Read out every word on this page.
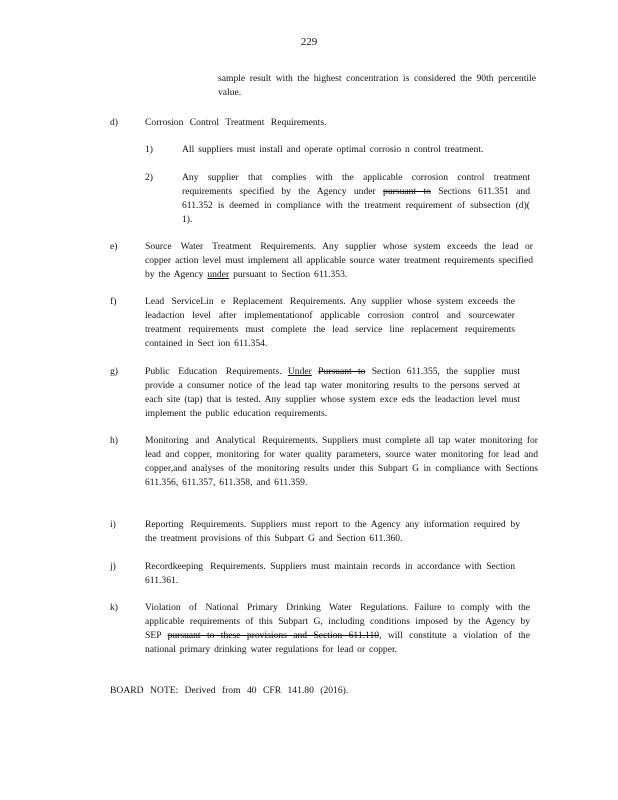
229
sample result with the highest concentration is considered the 90th percentile value.
d)	Corrosion Control Treatment Requirements.
1)	All suppliers must install and operate optimal corrosio n control treatment.
2)	Any supplier that complies with the applicable corrosion control treatment requirements specified by the Agency under pursuant to Sections 611.351 and 611.352 is deemed in compliance with the treatment requirement of subsection (d)( 1).
e)	Source Water Treatment Requirements. Any supplier whose system exceeds the lead or copper action level must implement all applicable source water treatment requirements specified by the Agency under pursuant to Section 611.353.
f)	Lead ServiceLin e Replacement Requirements. Any supplier whose system exceeds the leadaction level after implementationof applicable corrosion control and sourcewater treatment requirements must complete the lead service line replacement requirements contained in Sect ion 611.354.
g)	Public Education Requirements. Under Pursuant to Section 611.355, the supplier must provide a consumer notice of the lead tap water monitoring results to the persons served at each site (tap) that is tested. Any supplier whose system exce eds the leadaction level must implement the public education requirements.
h)	Monitoring and Analytical Requirements. Suppliers must complete all tap water monitoring for lead and copper, monitoring for water quality parameters, source water monitoring for lead and copper,and analyses of the monitoring results under this Subpart G in compliance with Sections 611.356, 611.357, 611.358, and 611.359.
i)	Reporting Requirements. Suppliers must report to the Agency any information required by the treatment provisions of this Subpart G and Section 611.360.
j)	Recordkeeping Requirements. Suppliers must maintain records in accordance with Section 611.361.
k)	Violation of National Primary Drinking Water Regulations. Failure to comply with the applicable requirements of this Subpart G, including conditions imposed by the Agency by SEP pursuant to these provisions and Section 611.110, will constitute a violation of the national primary drinking water regulations for lead or copper.
BOARD NOTE: Derived from 40 CFR 141.80 (2016).
